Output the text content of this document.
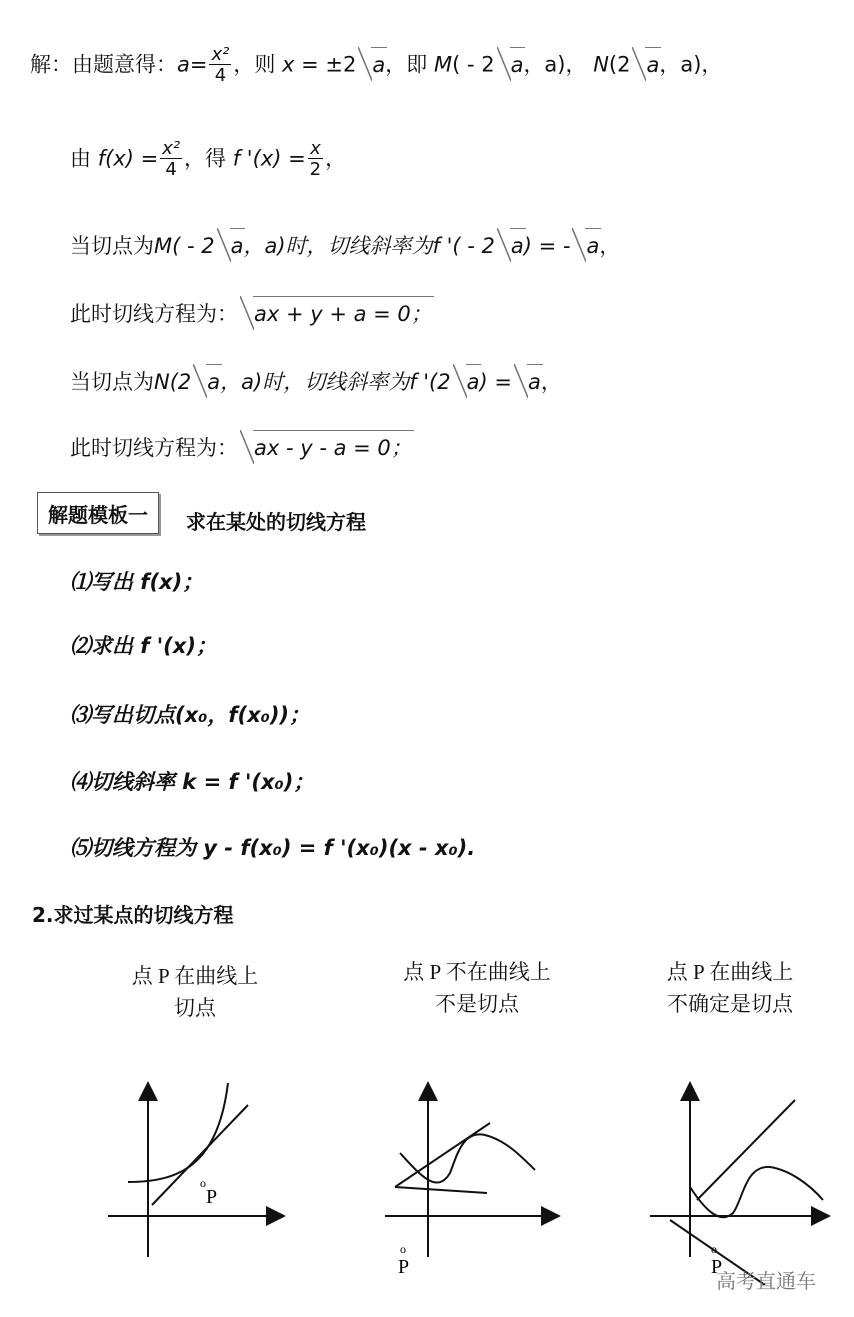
解：由题意得：$a= \frac{\text{x²}}{4}$ ，则 x = ±2 a，即 M( - 2 a，a)， N(2 a，a)，
由 $f(x) = \frac{\text{x²}}{4}$ ，得 f '$(x) = \frac{x}{2}$ ，
当切点为M( - 2 a，a)时，切线斜率为f '( - 2 a) = - a，
此时切线方程为： ax + y + a = 0；
当切点为N(2 a，a)时，切线斜率为f '(2 a) = a，
此时切线方程为： ax - y - a = 0；
解题模板一	求在某处的切线方程
⑴写出 f(x)；
⑵求出 f '(x)；
⑶写出切点(x₀，f(x₀))；
⑷切线斜率 k = f '(x₀)；
⑸切线方程为 y - f(x₀) = f '(x₀)(x - x₀).
2.求过某点的切线方程
点 P 在曲线上
切点
点 P 不在曲线上
不是切点
点 P 在曲线上
不确定是切点
o
P
o
P
o
P
高考直通车
